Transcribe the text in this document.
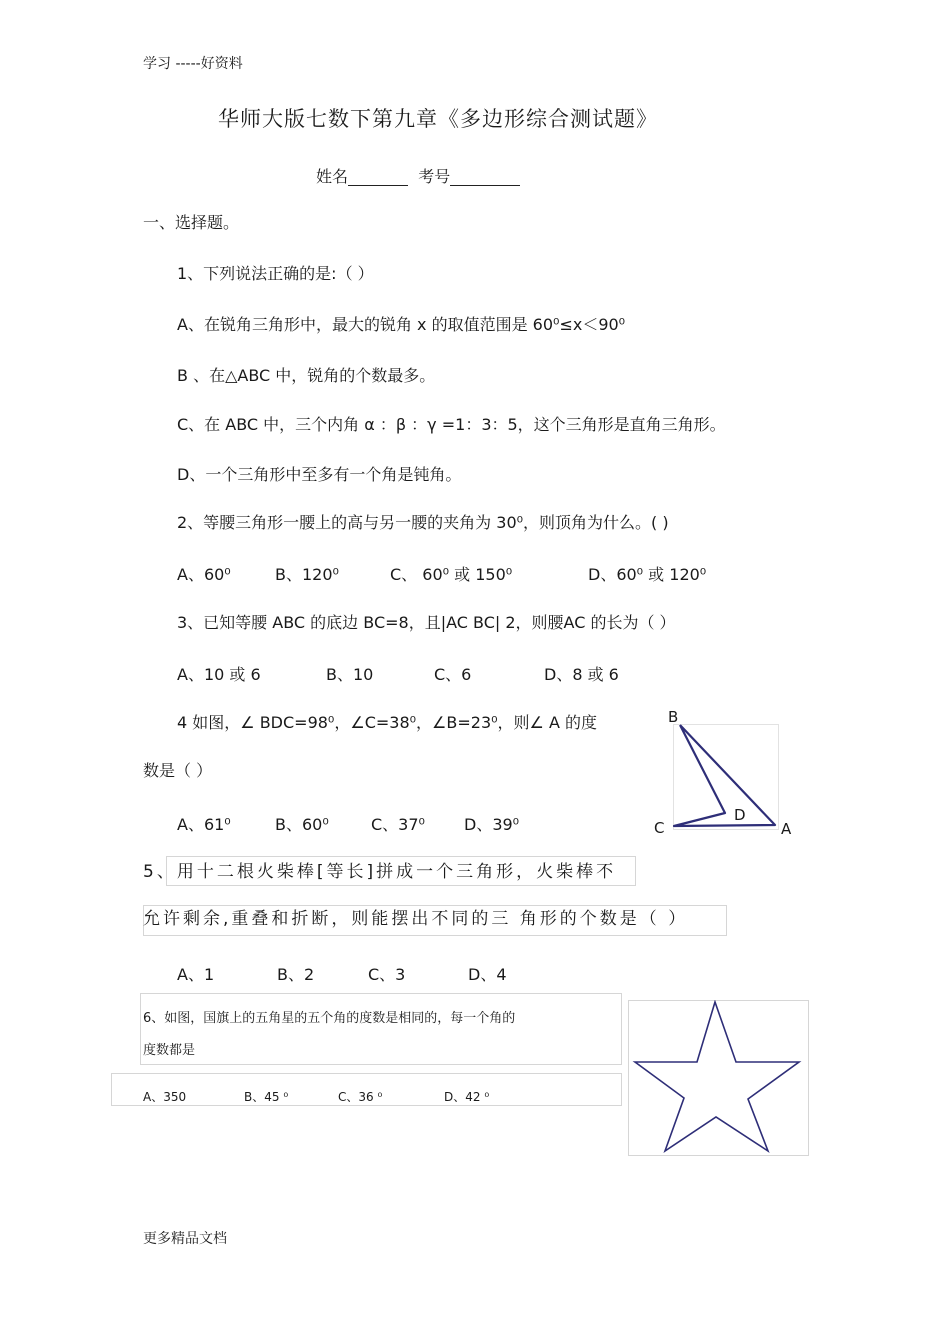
学习 -----好资料
华师大版七数下第九章《多边形综合测试题》
姓名	考号
一、选择题。
1、下列说法正确的是:（ ）
A、在锐角三角形中，最大的锐角 x 的取值范围是 60⁰≤x＜90⁰
B 、在△ABC 中，锐角的个数最多。
C、在 ABC 中，三个内角 α ：β ：γ =1：3：5，这个三角形是直角三角形。
D、一个三角形中至多有一个角是钝角。
2、等腰三角形一腰上的高与另一腰的夹角为 30⁰，则顶角为什么。( )
A、60⁰	B、120⁰	C、 60⁰ 或 150⁰	D、60⁰ 或 120⁰
3、已知等腰 ABC 的底边 BC=8，且|AC BC| 2，则腰AC 的长为（ ）
A、10 或 6	B、10	C、6	D、8 或 6
4 如图，∠ BDC=98⁰，∠C=38⁰，∠B=23⁰，则∠ A 的度
数是（ ）
A、61⁰	B、60⁰	C、37⁰ D、39⁰
B
C
D
A
5、用十二根火柴棒[等长]拼成一个三角形，火柴棒不
允许剩余,重叠和折断，则能摆出不同的三 角形的个数是（ ）
A、1	B、2	C、3	D、4
6、如图，国旗上的五角星的五个角的度数是相同的，每一个角的
度数都是
A、350	B、45 ⁰	C、36 ⁰	D、42 ⁰
更多精品文档
